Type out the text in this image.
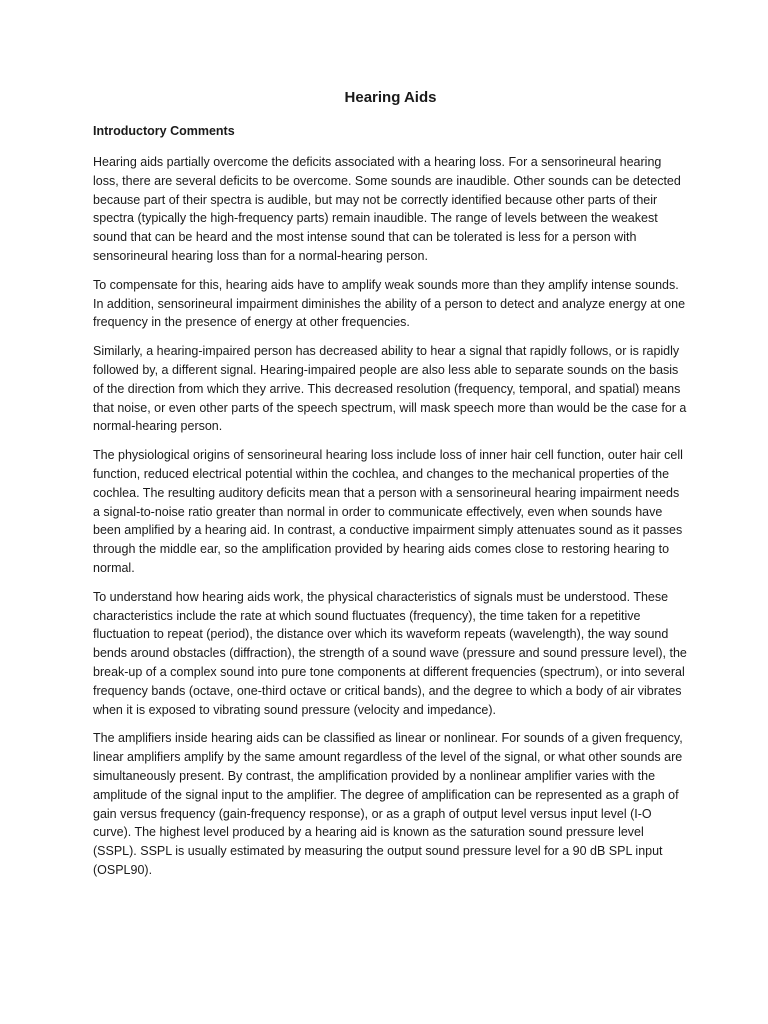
Hearing Aids
Introductory Comments

Hearing aids partially overcome the deficits associated with a hearing loss. For a sensorineural hearing loss, there are several deficits to be overcome. Some sounds are inaudible. Other sounds can be detected because part of their spectra is audible, but may not be correctly identified because other parts of their spectra (typically the high-frequency parts) remain inaudible. The range of levels between the weakest sound that can be heard and the most intense sound that can be tolerated is less for a person with sensorineural hearing loss than for a normal-hearing person.

To compensate for this, hearing aids have to amplify weak sounds more than they amplify intense sounds. In addition, sensorineural impairment diminishes the ability of a person to detect and analyze energy at one frequency in the presence of energy at other frequencies.

Similarly, a hearing-impaired person has decreased ability to hear a signal that rapidly follows, or is rapidly followed by, a different signal. Hearing-impaired people are also less able to separate sounds on the basis of the direction from which they arrive. This decreased resolution (frequency, temporal, and spatial) means that noise, or even other parts of the speech spectrum, will mask speech more than would be the case for a normal-hearing person.

The physiological origins of sensorineural hearing loss include loss of inner hair cell function, outer hair cell function, reduced electrical potential within the cochlea, and changes to the mechanical properties of the cochlea. The resulting auditory deficits mean that a person with a sensorineural hearing impairment needs a signal-to-noise ratio greater than normal in order to communicate effectively, even when sounds have been amplified by a hearing aid. In contrast, a conductive impairment simply attenuates sound as it passes through the middle ear, so the amplification provided by hearing aids comes close to restoring hearing to normal.

To understand how hearing aids work, the physical characteristics of signals must be understood. These characteristics include the rate at which sound fluctuates (frequency), the time taken for a repetitive fluctuation to repeat (period), the distance over which its waveform repeats (wavelength), the way sound bends around obstacles (diffraction), the strength of a sound wave (pressure and sound pressure level), the break-up of a complex sound into pure tone components at different frequencies (spectrum), or into several frequency bands (octave, one-third octave or critical bands), and the degree to which a body of air vibrates when it is exposed to vibrating sound pressure (velocity and impedance).

The amplifiers inside hearing aids can be classified as linear or nonlinear. For sounds of a given frequency, linear amplifiers amplify by the same amount regardless of the level of the signal, or what other sounds are simultaneously present. By contrast, the amplification provided by a nonlinear amplifier varies with the amplitude of the signal input to the amplifier. The degree of amplification can be represented as a graph of gain versus frequency (gain-frequency response), or as a graph of output level versus input level (I-O curve). The highest level produced by a hearing aid is known as the saturation sound pressure level (SSPL). SSPL is usually estimated by measuring the output sound pressure level for a 90 dB SPL input (OSPL90).
